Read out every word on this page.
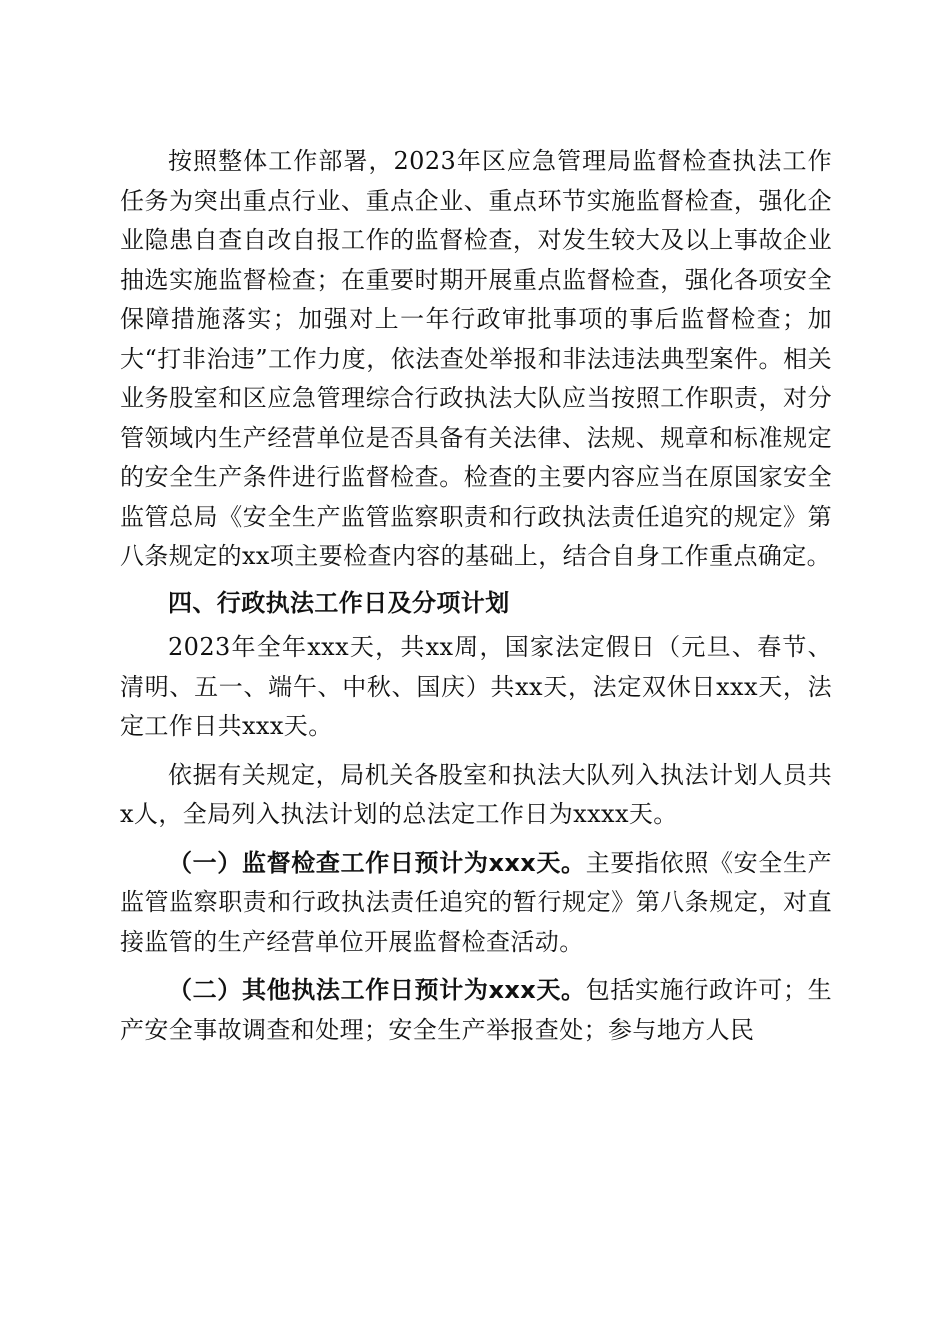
按照整体工作部署，2023年区应急管理局监督检查执法工作任务为突出重点行业、重点企业、重点环节实施监督检查，强化企业隐患自查自改自报工作的监督检查，对发生较大及以上事故企业抽选实施监督检查；在重要时期开展重点监督检查，强化各项安全保障措施落实；加强对上一年行政审批事项的事后监督检查；加大“打非治违”工作力度，依法查处举报和非法违法典型案件。相关业务股室和区应急管理综合行政执法大队应当按照工作职责，对分管领域内生产经营单位是否具备有关法律、法规、规章和标准规定的安全生产条件进行监督检查。检查的主要内容应当在原国家安全监管总局《安全生产监管监察职责和行政执法责任追究的规定》第八条规定的xx项主要检查内容的基础上，结合自身工作重点确定。

四、行政执法工作日及分项计划

2023年全年xxx天，共xx周，国家法定假日（元旦、春节、清明、五一、端午、中秋、国庆）共xx天，法定双休日xxx天，法定工作日共xxx天。

依据有关规定，局机关各股室和执法大队列入执法计划人员共x人，全局列入执法计划的总法定工作日为xxxx天。

（一）监督检查工作日预计为xxx天。主要指依照《安全生产监管监察职责和行政执法责任追究的暂行规定》第八条规定，对直接监管的生产经营单位开展监督检查活动。

（二）其他执法工作日预计为xxx天。包括实施行政许可；生产安全事故调查和处理；安全生产举报查处；参与地方人民
